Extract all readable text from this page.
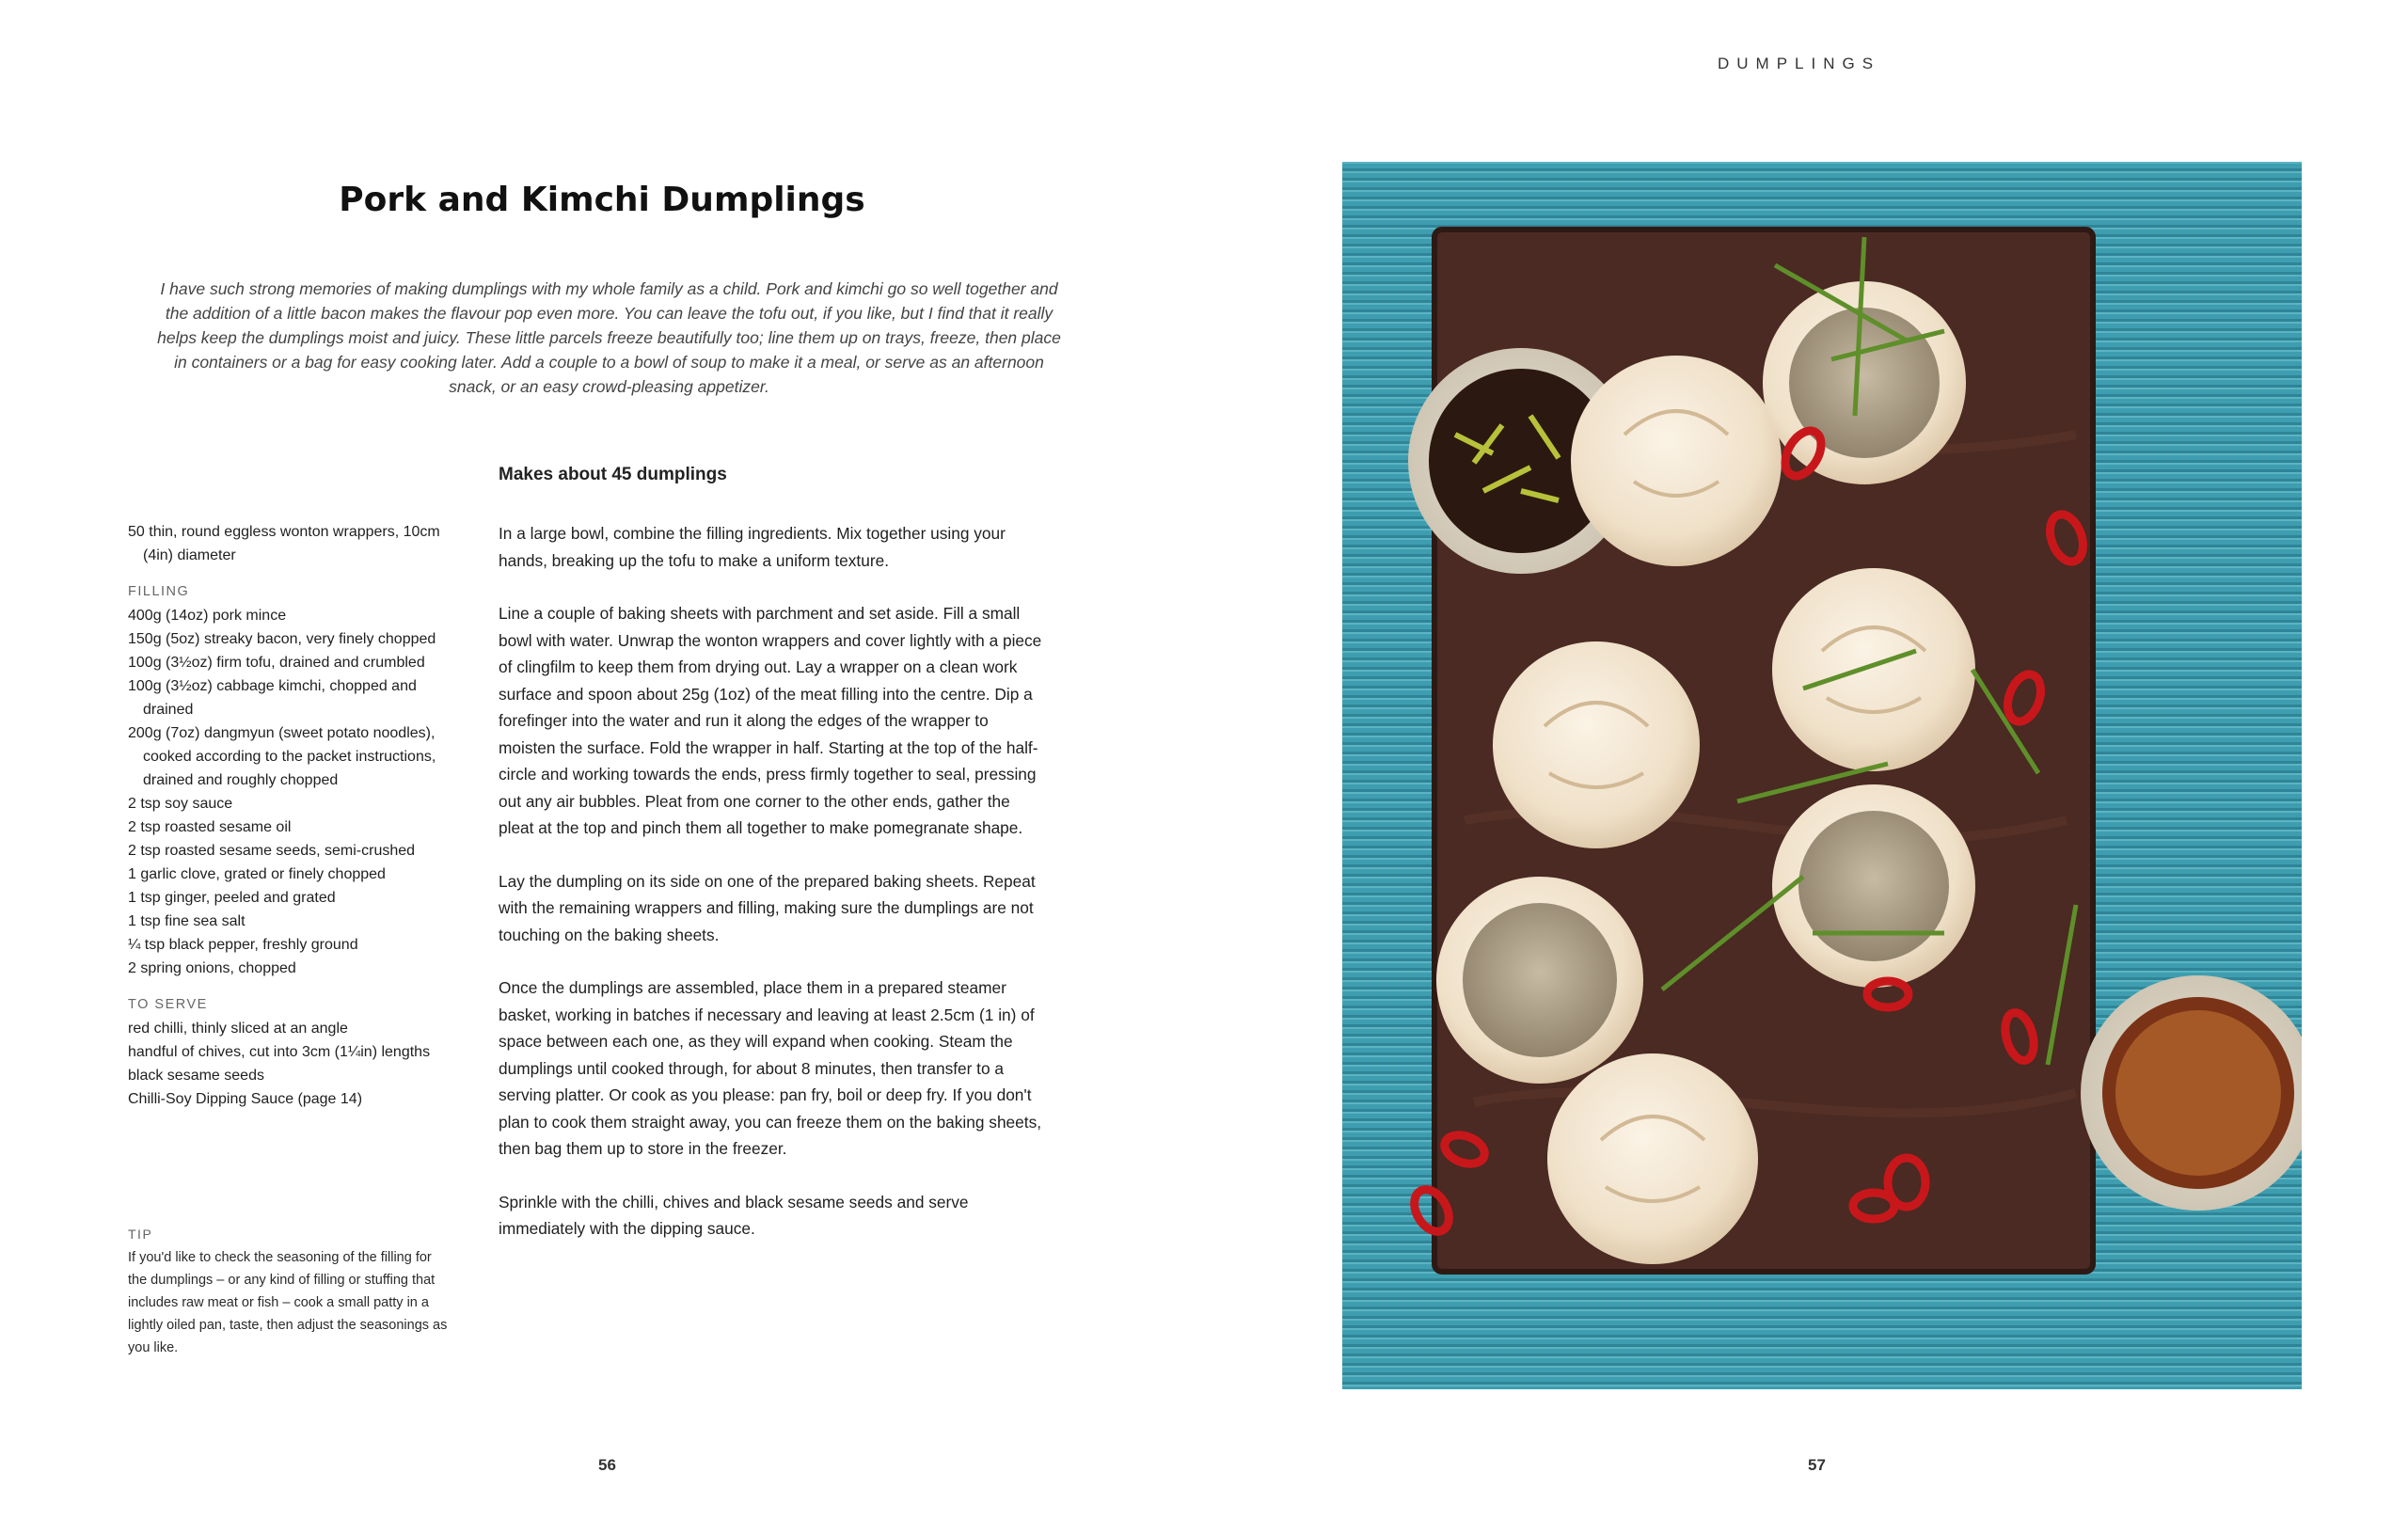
DUMPLINGS
Pork and Kimchi Dumplings

I have such strong memories of making dumplings with my whole family as a child. Pork and kimchi go so well together and the addition of a little bacon makes the flavour pop even more. You can leave the tofu out, if you like, but I find that it really helps keep the dumplings moist and juicy. These little parcels freeze beautifully too; line them up on trays, freeze, then place in containers or a bag for easy cooking later. Add a couple to a bowl of soup to make it a meal, or serve as an afternoon snack, or an easy crowd-pleasing appetizer.

Makes about 45 dumplings

50 thin, round eggless wonton wrappers, 10cm (4in) diameter
FILLING
400g (14oz) pork mince
150g (5oz) streaky bacon, very finely chopped
100g (3½oz) firm tofu, drained and crumbled
100g (3½oz) cabbage kimchi, chopped and drained
200g (7oz) dangmyun (sweet potato noodles), cooked according to the packet instructions, drained and roughly chopped
2 tsp soy sauce
2 tsp roasted sesame oil
2 tsp roasted sesame seeds, semi-crushed
1 garlic clove, grated or finely chopped
1 tsp ginger, peeled and grated
1 tsp fine sea salt
¼ tsp black pepper, freshly ground
2 spring onions, chopped
TO SERVE
red chilli, thinly sliced at an angle
handful of chives, cut into 3cm (1¼in) lengths
black sesame seeds
Chilli-Soy Dipping Sauce (page 14)
TIP
If you'd like to check the seasoning of the filling for the dumplings – or any kind of filling or stuffing that includes raw meat or fish – cook a small patty in a lightly oiled pan, taste, then adjust the seasonings as you like.

In a large bowl, combine the filling ingredients. Mix together using your hands, breaking up the tofu to make a uniform texture.

Line a couple of baking sheets with parchment and set aside. Fill a small bowl with water. Unwrap the wonton wrappers and cover lightly with a piece of clingfilm to keep them from drying out. Lay a wrapper on a clean work surface and spoon about 25g (1oz) of the meat filling into the centre. Dip a forefinger into the water and run it along the edges of the wrapper to moisten the surface. Fold the wrapper in half. Starting at the top of the half-circle and working towards the ends, press firmly together to seal, pressing out any air bubbles. Pleat from one corner to the other ends, gather the pleat at the top and pinch them all together to make pomegranate shape.

Lay the dumpling on its side on one of the prepared baking sheets. Repeat with the remaining wrappers and filling, making sure the dumplings are not touching on the baking sheets.

Once the dumplings are assembled, place them in a prepared steamer basket, working in batches if necessary and leaving at least 2.5cm (1 in) of space between each one, as they will expand when cooking. Steam the dumplings until cooked through, for about 8 minutes, then transfer to a serving platter. Or cook as you please: pan fry, boil or deep fry. If you don't plan to cook them straight away, you can freeze them on the baking sheets, then bag them up to store in the freezer.

Sprinkle with the chilli, chives and black sesame seeds and serve immediately with the dipping sauce.

56	57
